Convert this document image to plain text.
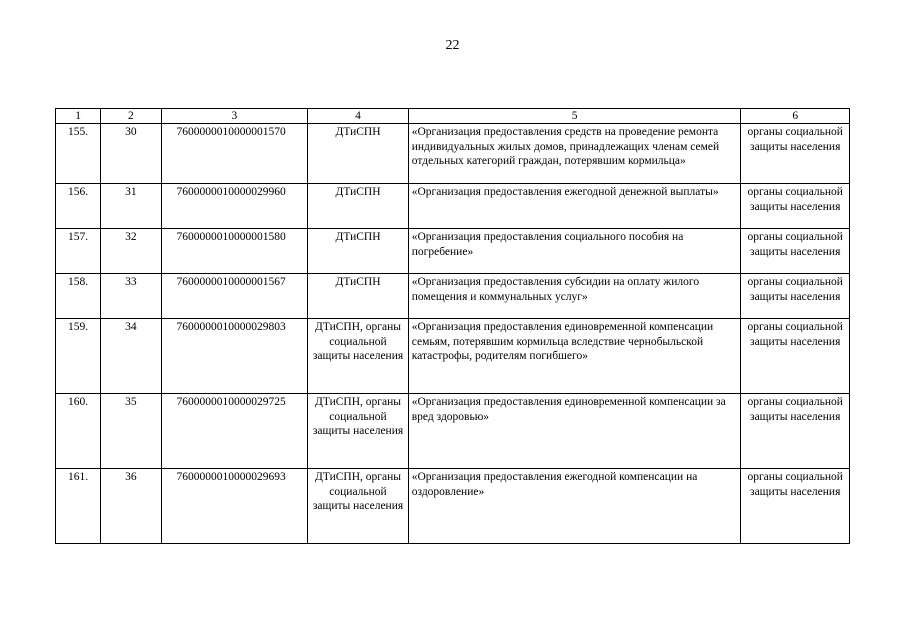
22
1	2	3	4	5	6
155.	30	7600000010000001570	ДТиСПН	«Организация предоставления средств на проведение ремонта индивидуальных жилых домов, принадлежащих членам семей отдельных категорий граждан, потерявшим кормильца»	органы социальной защиты населения
156.	31	7600000010000029960	ДТиСПН	«Организация предоставления ежегодной денежной выплаты»	органы социальной защиты населения
157.	32	7600000010000001580	ДТиСПН	«Организация предоставления социального пособия на погребение»	органы социальной защиты населения
158.	33	7600000010000001567	ДТиСПН	«Организация предоставления субсидии на оплату жилого помещения и коммунальных услуг»	органы социальной защиты населения
159.	34	7600000010000029803	ДТиСПН, органы социальной защиты населения	«Организация предоставления единовременной компенсации семьям, потерявшим кормильца вследствие чернобыльской катастрофы, родителям погибшего»	органы социальной защиты населения
160.	35	7600000010000029725	ДТиСПН, органы социальной защиты населения	«Организация предоставления единовременной компенсации за вред здоровью»	органы социальной защиты населения
161.	36	7600000010000029693	ДТиСПН, органы социальной защиты населения	«Организация предоставления ежегодной компенсации на оздоровление»	органы социальной защиты населения
